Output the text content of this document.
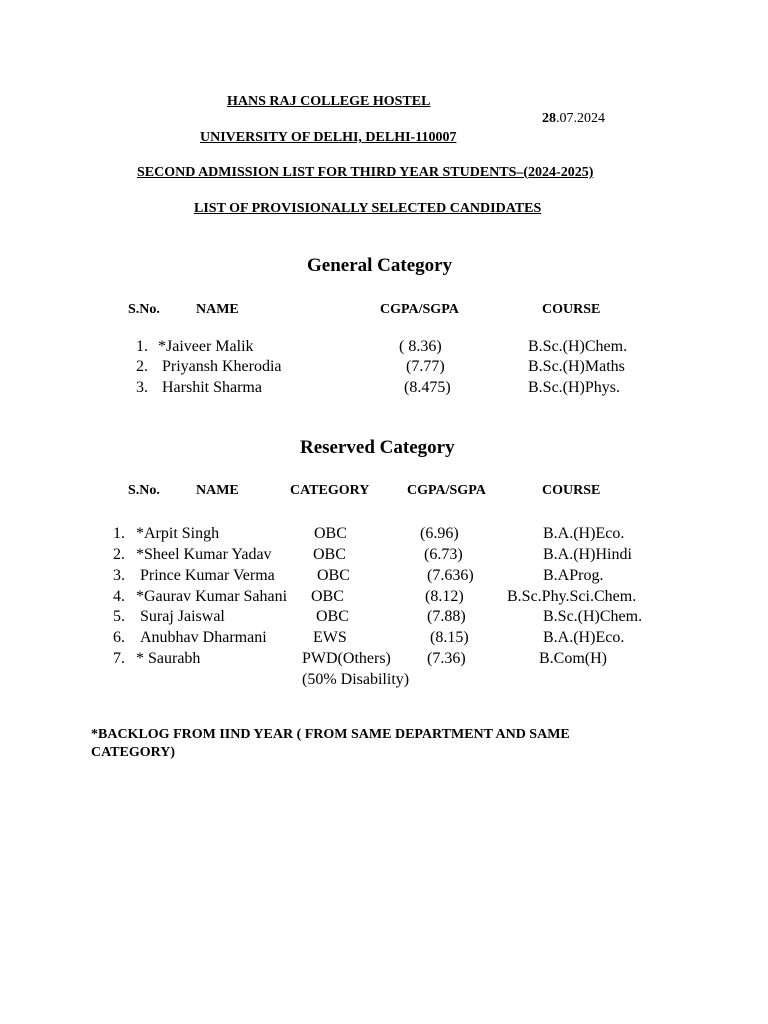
HANS RAJ COLLEGE HOSTEL
28.07.2024
UNIVERSITY OF DELHI, DELHI-110007
SECOND ADMISSION LIST FOR THIRD YEAR STUDENTS–(2024-2025)
LIST OF PROVISIONALLY SELECTED CANDIDATES
General Category
S.No.	NAME	CGPA/SGPA	COURSE
1. *Jaiveer Malik	( 8.36)	B.Sc.(H)Chem.
2. Priyansh Kherodia	(7.77)	B.Sc.(H)Maths
3. Harshit Sharma	(8.475)	B.Sc.(H)Phys.
Reserved Category
S.No.	NAME	CATEGORY	CGPA/SGPA	COURSE
1. *Arpit Singh	OBC	(6.96)	B.A.(H)Eco.
2. *Sheel Kumar Yadav	OBC	(6.73)	B.A.(H)Hindi
3. Prince Kumar Verma	OBC	(7.636)	B.AProg.
4. *Gaurav Kumar Sahani OBC	(8.12)	B.Sc.Phy.Sci.Chem.
5. Suraj Jaiswal	OBC	(7.88)	B.Sc.(H)Chem.
6. Anubhav Dharmani	EWS	(8.15)	B.A.(H)Eco.
7. * Saurabh	PWD(Others) (7.36)	B.Com(H)
(50% Disability)
*BACKLOG FROM IIND YEAR ( FROM SAME DEPARTMENT AND SAME
CATEGORY)
